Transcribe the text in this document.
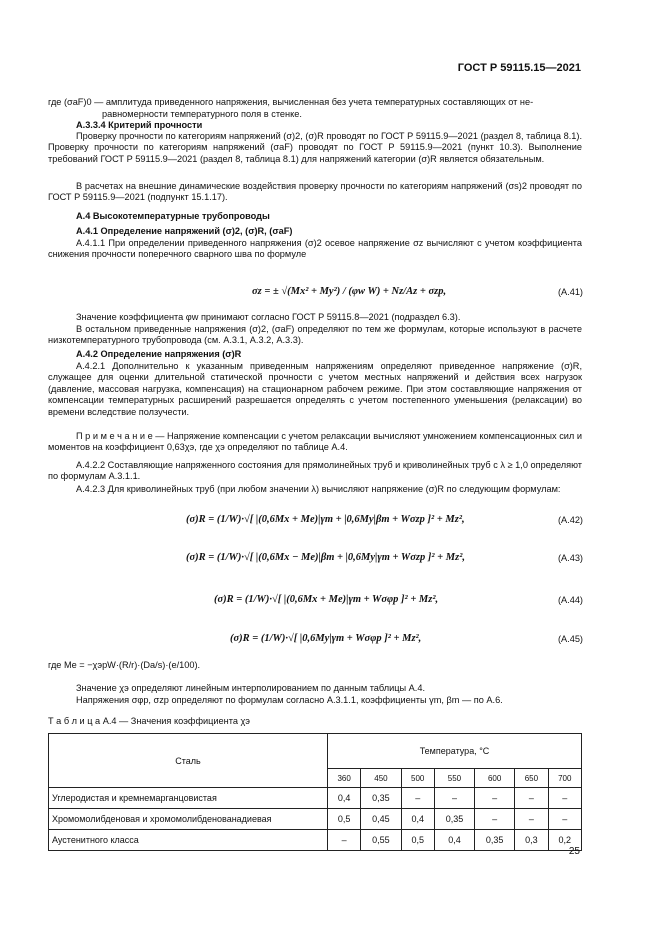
ГОСТ Р 59115.15—2021
где (σaF)0 — амплитуда приведенного напряжения, вычисленная без учета температурных составляющих от не-
равномерности температурного поля в стенке.
А.3.3.4 Критерий прочности
Проверку прочности по категориям напряжений (σ)2, (σ)R проводят по ГОСТ Р 59115.9—2021 (раздел 8, таблица 8.1). Проверку прочности по категориям напряжений (σaF) проводят по ГОСТ Р 59115.9—2021 (пункт 10.3). Выполнение требований ГОСТ Р 59115.9—2021 (раздел 8, таблица 8.1) для напряжений категории (σ)R является обязательным.
В расчетах на внешние динамические воздействия проверку прочности по категориям напряжений (σs)2 проводят по ГОСТ Р 59115.9—2021 (подпункт 15.1.17).
А.4 Высокотемпературные трубопроводы
А.4.1 Определение напряжений (σ)2, (σ)R, (σaF)
А.4.1.1 При определении приведенного напряжения (σ)2 осевое напряжение σz вычисляют с учетом коэффициента снижения прочности поперечного сварного шва по формуле
σz = ± √(Mx² + My²) / (φw W) + Nz/Az + σzp,	(A.41)
Значение коэффициента φw принимают согласно ГОСТ Р 59115.8—2021 (подраздел 6.3).
В остальном приведенные напряжения (σ)2, (σaF) определяют по тем же формулам, которые используют в расчете низкотемпературного трубопровода (см. А.3.1, А.3.2, А.3.3).
А.4.2 Определение напряжения (σ)R
А.4.2.1 Дополнительно к указанным приведенным напряжениям определяют приведенное напряжение (σ)R, служащее для оценки длительной статической прочности с учетом местных напряжений и действия всех нагрузок (давление, массовая нагрузка, компенсация) на стационарном рабочем режиме. При этом составляющие напряжения от компенсации температурных расширений разрешается определять с учетом постепенного уменьшения (релаксации) во времени вследствие ползучести.
П р и м е ч а н и е — Напряжение компенсации с учетом релаксации вычисляют умножением компенсационных сил и моментов на коэффициент 0,63χэ, где χэ определяют по таблице А.4.
А.4.2.2 Составляющие напряженного состояния для прямолинейных труб и криволинейных труб с λ ≥ 1,0 определяют по формулам А.3.1.1.
А.4.2.3 Для криволинейных труб (при любом значении λ) вычисляют напряжение (σ)R по следующим формулам:
(σ)R = (1/W)·√[ |(0,6Mx + Me)|γm + |0,6My|βm + Wσzp ]² + Mz²,	(A.42)
(σ)R = (1/W)·√[ |(0,6Mx − Me)|βm + |0,6My|γm + Wσzp ]² + Mz²,	(A.43)
(σ)R = (1/W)·√[ |(0,6Mx + Me)|γm + Wσφp ]² + Mz²,	(A.44)
(σ)R = (1/W)·√[ |0,6My|γm + Wσφp ]² + Mz²,	(A.45)
где Me = −χэpW·(R/r)·(Da/s)·(e/100).
Значение χэ определяют линейным интерполированием по данным таблицы А.4.
Напряжения σφp, σzp определяют по формулам согласно А.3.1.1, коэффициенты γm, βm — по А.6.
Т а б л и ц а А.4 — Значения коэффициента χэ
Сталь	Температура, °С						
	360	450	500	550	600	650	700
Углеродистая и кремнемарганцовистая	0,4	0,35	–	–	–	–	–
Хромомолибденовая и хромомолибденованадиевая	0,5	0,45	0,4	0,35	–	–	–
Аустенитного класса	–	0,55	0,5	0,4	0,35	0,3	0,2
25
